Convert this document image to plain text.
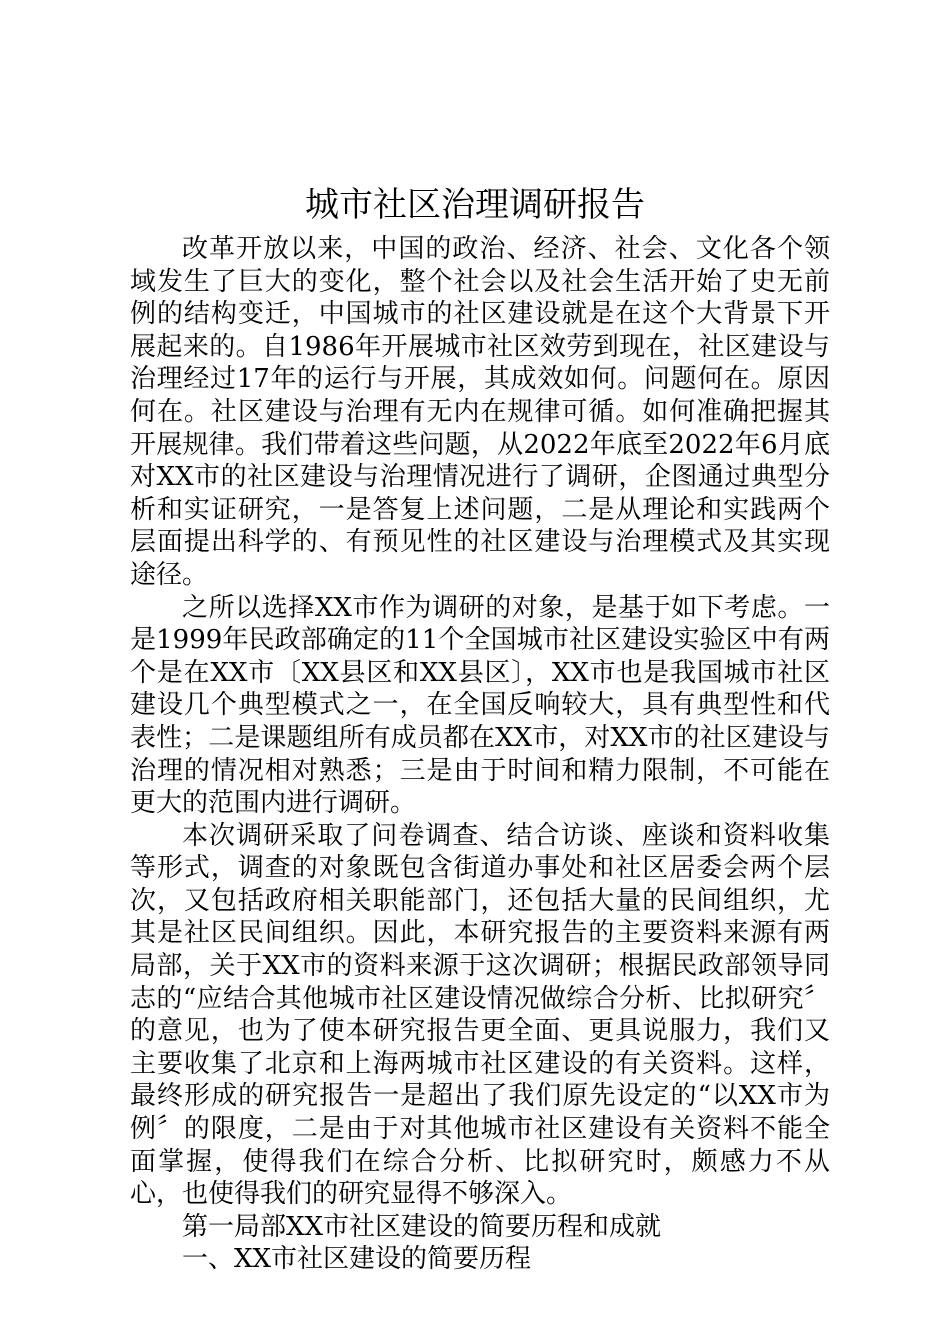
城市社区治理调研报告

改革开放以来，中国的政治、经济、社会、文化各个领域发生了巨大的变化，整个社会以及社会生活开始了史无前例的结构变迁，中国城市的社区建设就是在这个大背景下开展起来的。自1986年开展城市社区效劳到现在，社区建设与治理经过17年的运行与开展，其成效如何。问题何在。原因何在。社区建设与治理有无内在规律可循。如何准确把握其开展规律。我们带着这些问题，从2022年底至2022年6月底对XX市的社区建设与治理情况进行了调研，企图通过典型分析和实证研究，一是答复上述问题，二是从理论和实践两个层面提出科学的、有预见性的社区建设与治理模式及其实现途径。

之所以选择XX市作为调研的对象，是基于如下考虑。一是1999年民政部确定的11个全国城市社区建设实验区中有两个是在XX市〔XX县区和XX县区〕，XX市也是我国城市社区建设几个典型模式之一，在全国反响较大，具有典型性和代表性；二是课题组所有成员都在XX市，对XX市的社区建设与治理的情况相对熟悉；三是由于时间和精力限制，不可能在更大的范围内进行调研。

本次调研采取了问卷调查、结合访谈、座谈和资料收集等形式，调查的对象既包含街道办事处和社区居委会两个层次，又包括政府相关职能部门，还包括大量的民间组织，尤其是社区民间组织。因此，本研究报告的主要资料来源有两局部，关于XX市的资料来源于这次调研；根据民政部领导同志的“应结合其他城市社区建设情况做综合分析、比拟研究〞的意见，也为了使本研究报告更全面、更具说服力，我们又主要收集了北京和上海两城市社区建设的有关资料。这样，最终形成的研究报告一是超出了我们原先设定的“以XX市为例〞的限度，二是由于对其他城市社区建设有关资料不能全面掌握，使得我们在综合分析、比拟研究时，颇感力不从心，也使得我们的研究显得不够深入。

第一局部XX市社区建设的简要历程和成就

一、XX市社区建设的简要历程
